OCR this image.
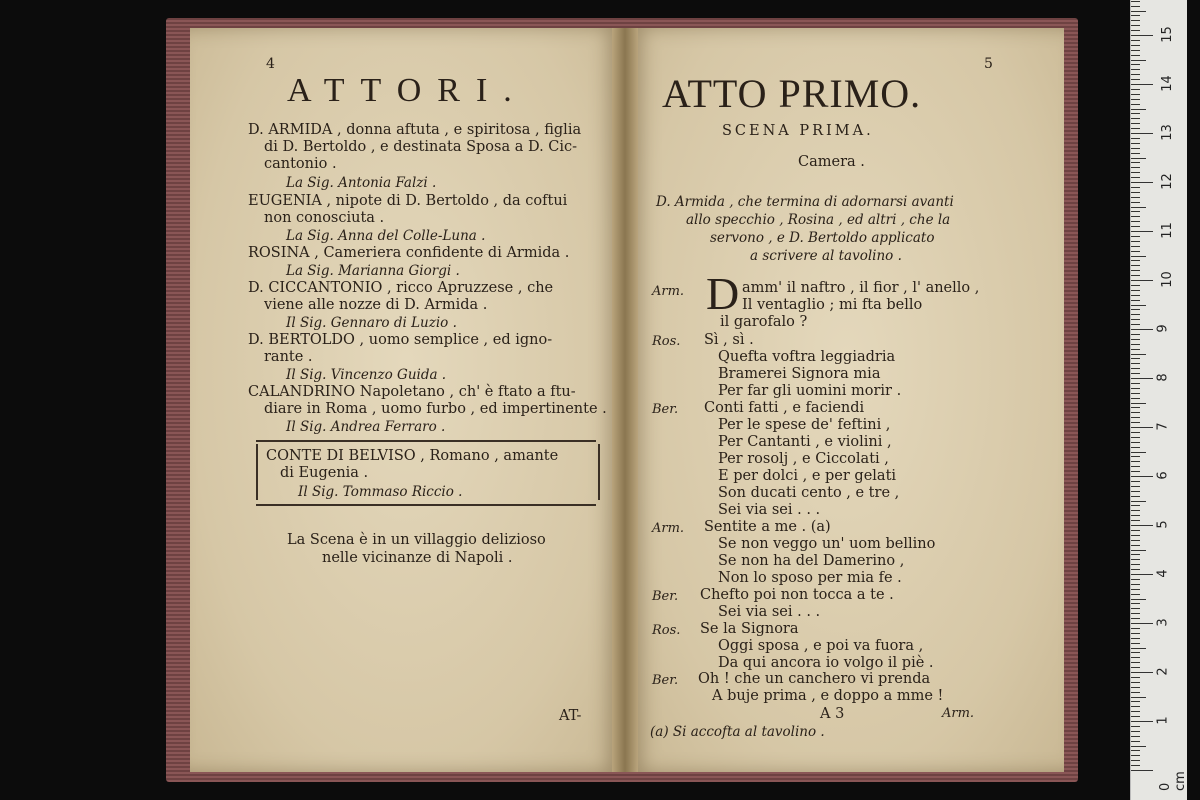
4
ATTORI.
D. ARMIDA , donna aftuta , e spiritosa , figlia
di D. Bertoldo , e destinata Sposa a D. Cic-
cantonio .
La Sig. Antonia Falzi .
EUGENIA , nipote di D. Bertoldo , da coftui
non conosciuta .
La Sig. Anna del Colle-Luna .
ROSINA , Cameriera confidente di Armida .
La Sig. Marianna Giorgi .
D. CICCANTONIO , ricco Apruzzese , che
viene alle nozze di D. Armida .
Il Sig. Gennaro di Luzio .
D. BERTOLDO , uomo semplice , ed igno-
rante .
Il Sig. Vincenzo Guida .
CALANDRINO Napoletano , ch' è ftato a ftu-
diare in Roma , uomo furbo , ed impertinente .
Il Sig. Andrea Ferraro .
CONTE DI BELVISO , Romano , amante
di Eugenia .
Il Sig. Tommaso Riccio .
La Scena è in un villaggio delizioso
nelle vicinanze di Napoli .
AT-
5
ATTO PRIMO.
SCENA PRIMA.
Camera .
D. Armida , che termina di adornarsi avanti
allo specchio , Rosina , ed altri , che la
servono , e D. Bertoldo applicato
a scrivere al tavolino .
Arm. D amm' il naftro , il fior , l' anello ,
Il ventaglio ; mi fta bello
il garofalo ?
Ros. Sì , sì .
Quefta voftra leggiadria
Bramerei Signora mia
Per far gli uomini morir .
Ber. Conti fatti , e faciendi
Per le spese de' feftini ,
Per Cantanti , e violini ,
Per rosolj , e Ciccolati ,
E per dolci , e per gelati
Son ducati cento , e tre ,
Sei via sei . . .
Arm. Sentite a me . (a)
Se non veggo un' uom bellino
Se non ha del Damerino ,
Non lo sposo per mia fe .
Ber. Chefto poi non tocca a te .
Sei via sei . . .
Ros. Se la Signora
Oggi sposa , e poi va fuora ,
Da qui ancora io volgo il piè .
Ber. Oh ! che un canchero vi prenda
A buje prima , e doppo a mme !
A 3	Arm.
(a) Si accofta al tavolino .
0 cm
1
2
3
4
5
6
7
8
9
10
11
12
13
14
15
